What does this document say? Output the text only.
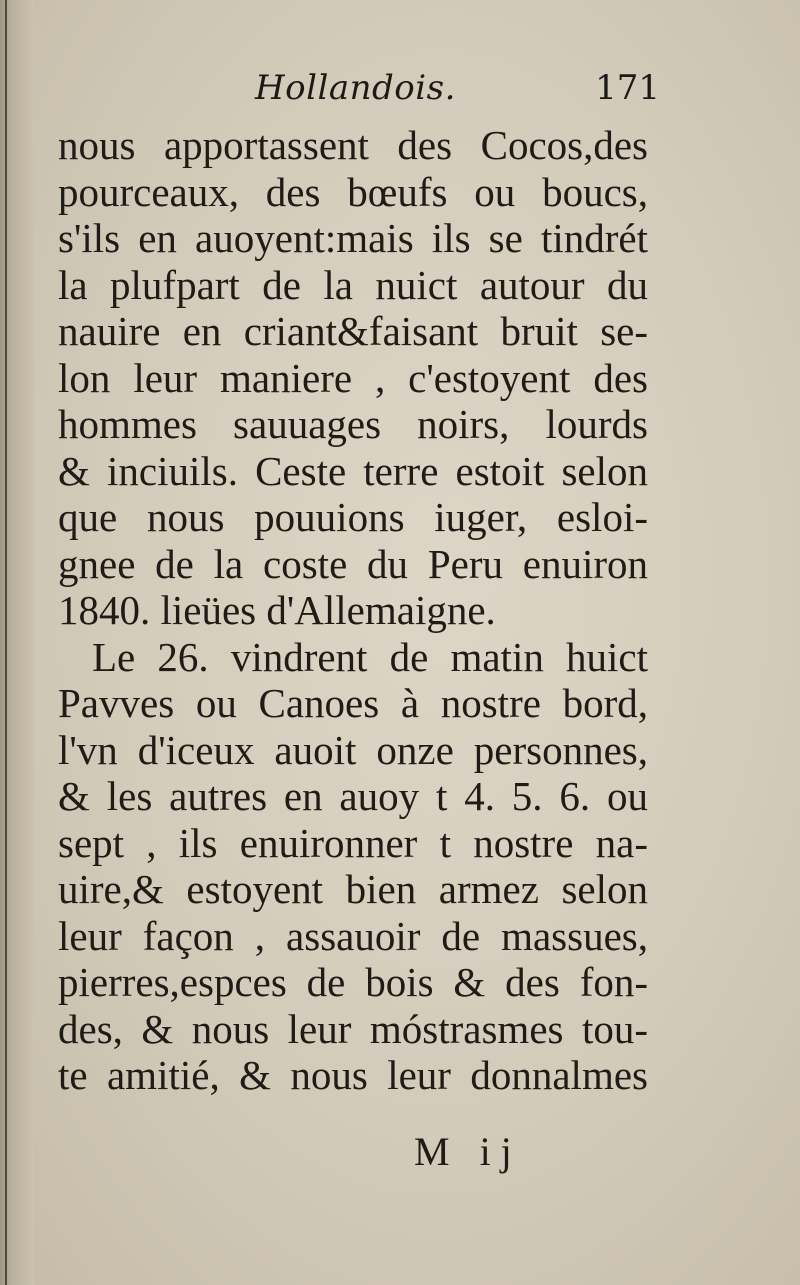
Hollandois.	171
nous apportassent des Cocos,des
pourceaux, des bœufs ou boucs,
s'ils en auoyent:mais ils se tindrét
la plufpart de la nuict autour du
nauire en criant&faisant bruit se-
lon leur maniere , c'estoyent des
hommes sauuages noirs, lourds
& inciuils. Ceste terre estoit selon
que nous pouuions iuger, esloi-
gnee de la coste du Peru enuiron
1840. lieües d'Allemaigne.
Le 26. vindrent de matin huict
Pavves ou Canoes à nostre bord,
l'vn d'iceux auoit onze personnes,
& les autres en auoy t 4. 5. 6. ou
sept , ils enuironner t nostre na-
uire,& estoyent bien armez selon
leur façon , assauoir de massues,
pierres,espces de bois & des fon-
des, & nous leur móstrasmes tou-
te amitié, & nous leur donnalmes
M ij
